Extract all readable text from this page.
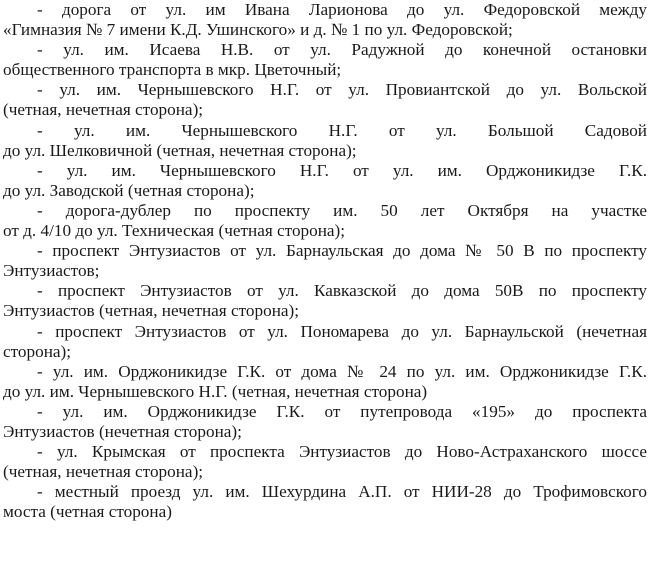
- дорога от ул. им Ивана Ларионова до ул. Федоровской между
«Гимназия № 7 имени К.Д. Ушинского» и д. № 1 по ул. Федоровской;

- ул. им. Исаева Н.В. от ул. Радужной до конечной остановки
общественного транспорта в мкр. Цветочный;

- ул. им. Чернышевского Н.Г. от ул. Провиантской до ул. Вольской
(четная, нечетная сторона);

- ул. им. Чернышевского Н.Г. от ул. Большой Садовой
до ул. Шелковичной (четная, нечетная сторона);

- ул. им. Чернышевского Н.Г. от ул. им. Орджоникидзе Г.К.
до ул. Заводской (четная сторона);

- дорога-дублер по проспекту им. 50 лет Октября на участке
от д. 4/10 до ул. Техническая (четная сторона);

- проспект Энтузиастов от ул. Барнаульская до дома № 50 В по проспекту
Энтузиастов;

- проспект Энтузиастов от ул. Кавказской до дома 50В по проспекту
Энтузиастов (четная, нечетная сторона);

- проспект Энтузиастов от ул. Пономарева до ул. Барнаульской (нечетная
сторона);

- ул. им. Орджоникидзе Г.К. от дома № 24 по ул. им. Орджоникидзе Г.К.
до ул. им. Чернышевского Н.Г. (четная, нечетная сторона)

- ул. им. Орджоникидзе Г.К. от путепровода «195» до проспекта
Энтузиастов (нечетная сторона);

- ул. Крымская от проспекта Энтузиастов до Ново-Астраханского шоссе
(четная, нечетная сторона);

- местный проезд ул. им. Шехурдина А.П. от НИИ-28 до Трофимовского
моста (четная сторона)
